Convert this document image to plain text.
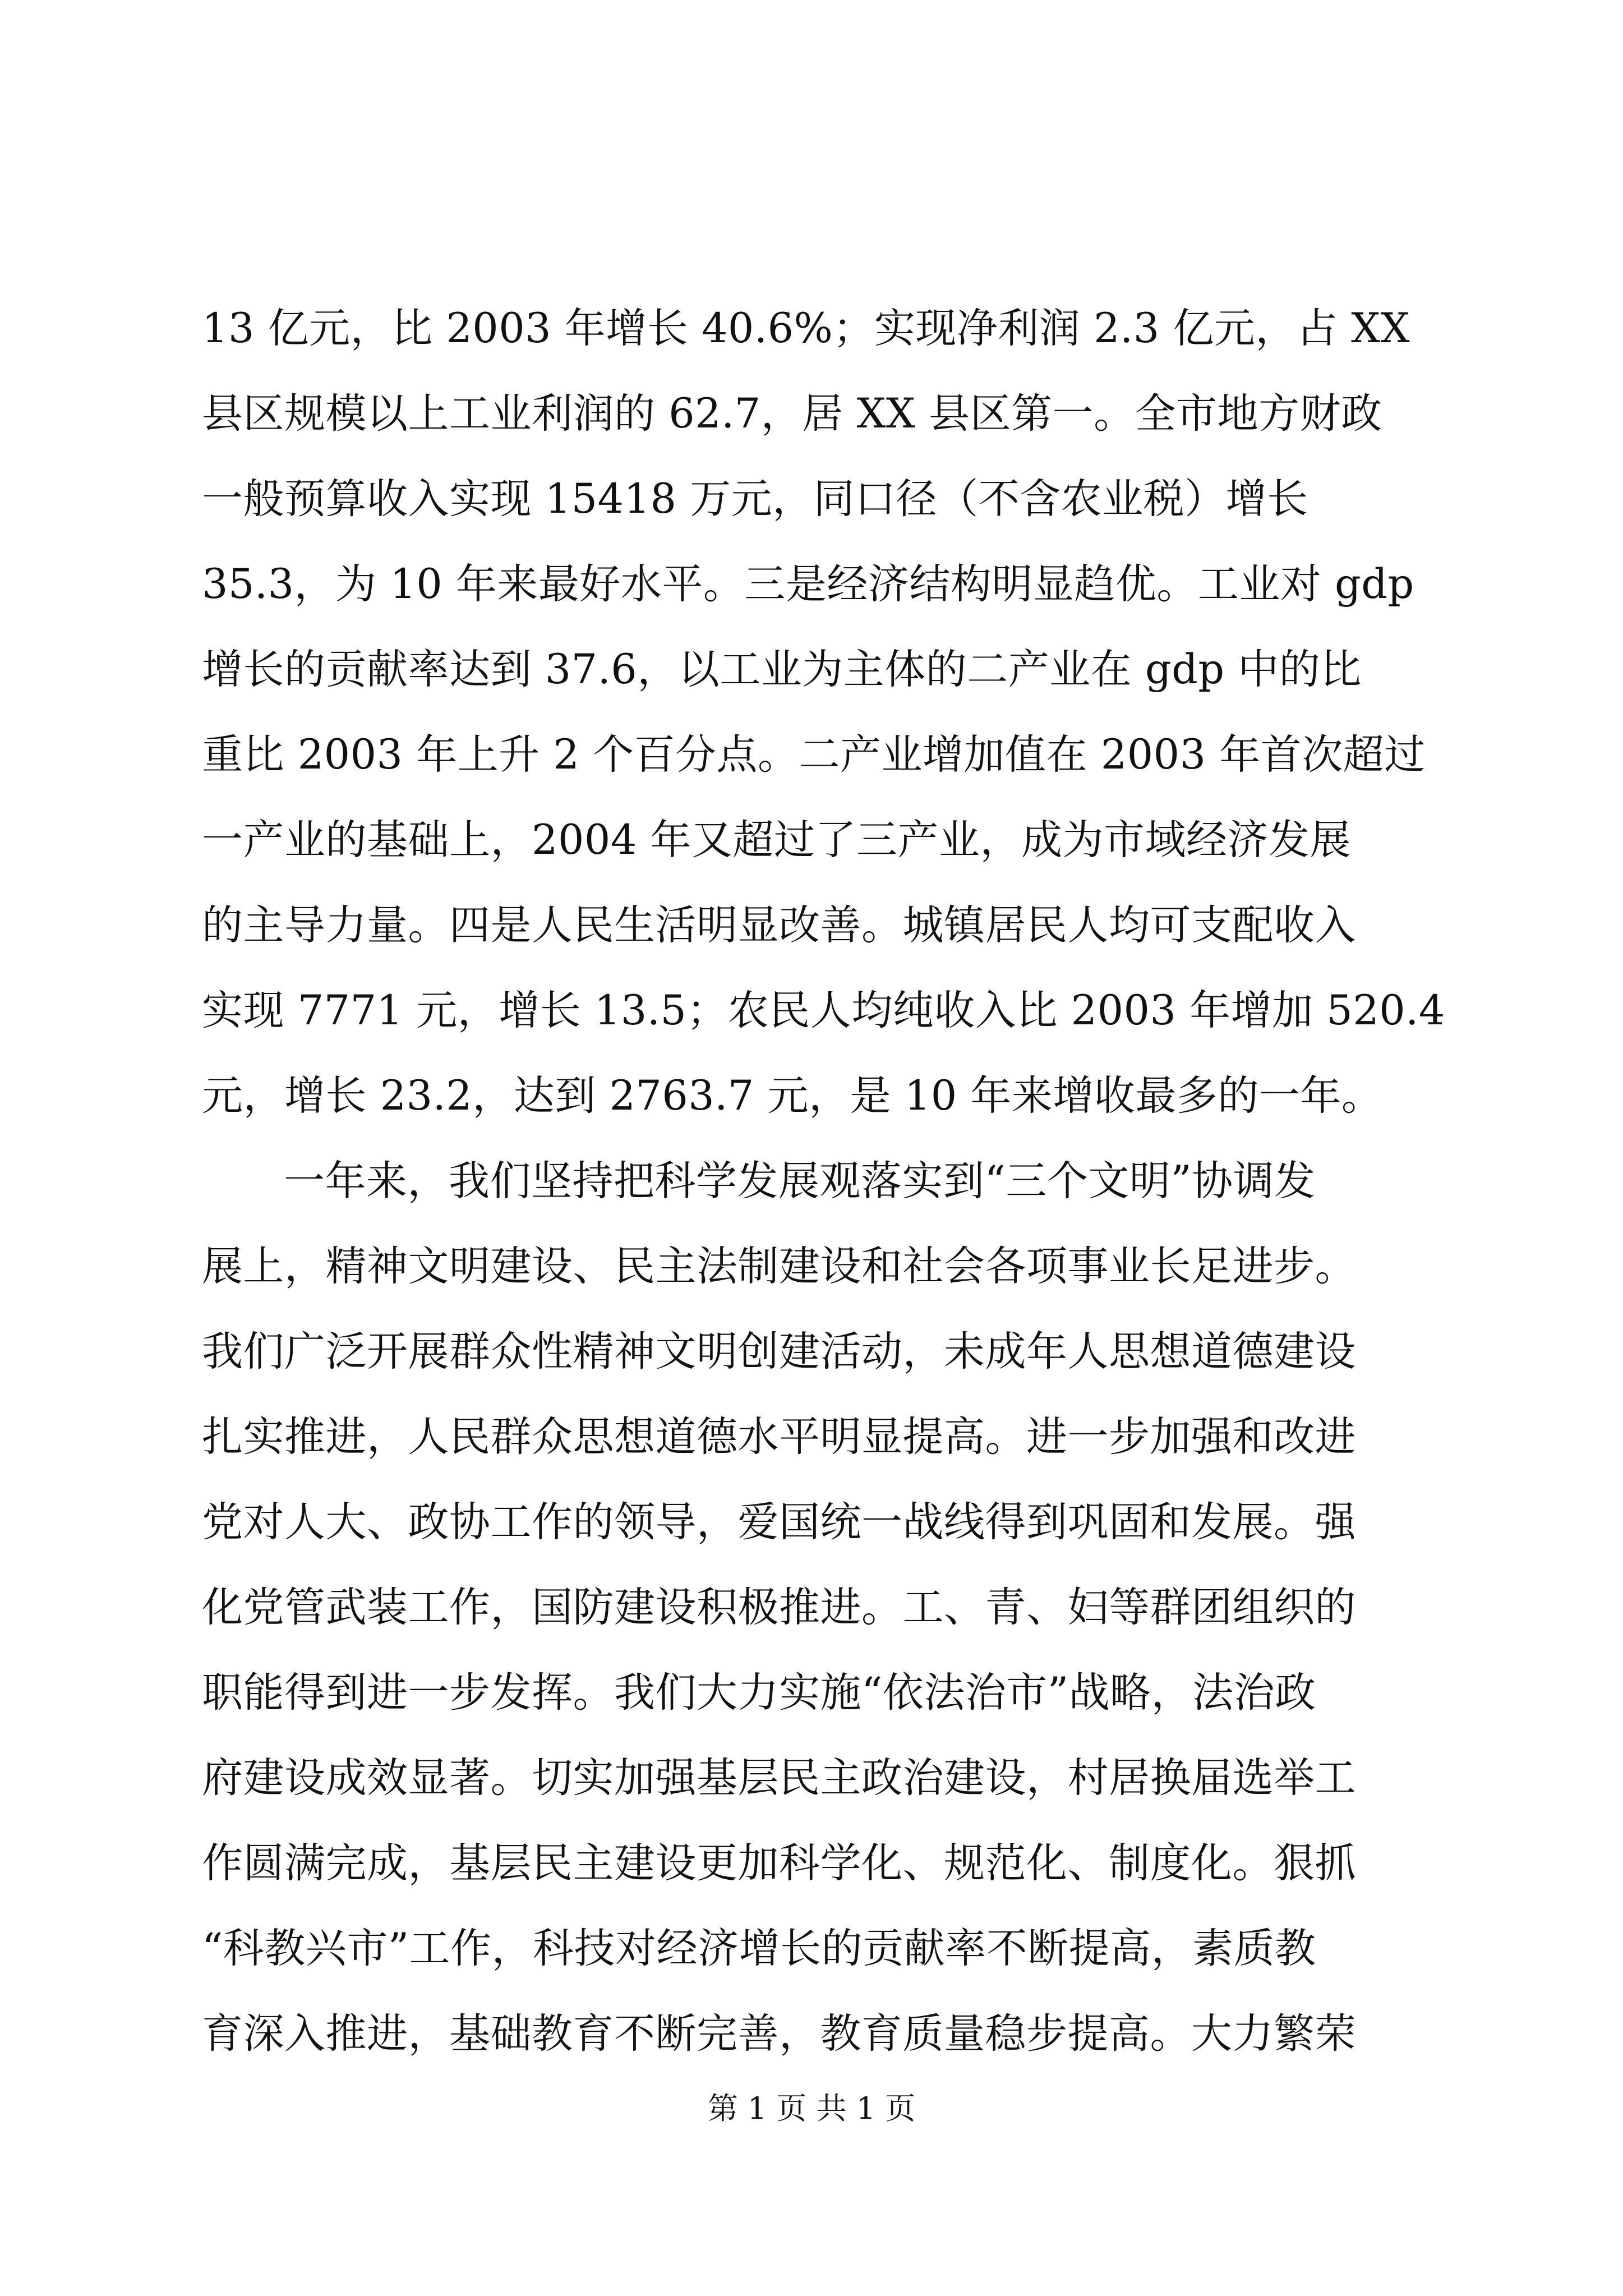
13 亿元，比 2003 年增长 40.6%；实现净利润 2.3 亿元，占 XX
县区规模以上工业利润的 62.7，居 XX 县区第一。全市地方财政
一般预算收入实现 15418 万元，同口径（不含农业税）增长
35.3，为 10 年来最好水平。三是经济结构明显趋优。工业对 gdp
增长的贡献率达到 37.6，以工业为主体的二产业在 gdp 中的比
重比 2003 年上升 2 个百分点。二产业增加值在 2003 年首次超过
一产业的基础上，2004 年又超过了三产业，成为市域经济发展
的主导力量。四是人民生活明显改善。城镇居民人均可支配收入
实现 7771 元，增长 13.5；农民人均纯收入比 2003 年增加 520.4
元，增长 23.2，达到 2763.7 元，是 10 年来增收最多的一年。
一年来，我们坚持把科学发展观落实到“三个文明”协调发
展上，精神文明建设、民主法制建设和社会各项事业长足进步。
我们广泛开展群众性精神文明创建活动，未成年人思想道德建设
扎实推进，人民群众思想道德水平明显提高。进一步加强和改进
党对人大、政协工作的领导，爱国统一战线得到巩固和发展。强
化党管武装工作，国防建设积极推进。工、青、妇等群团组织的
职能得到进一步发挥。我们大力实施“依法治市”战略，法治政
府建设成效显著。切实加强基层民主政治建设，村居换届选举工
作圆满完成，基层民主建设更加科学化、规范化、制度化。狠抓
“科教兴市”工作，科技对经济增长的贡献率不断提高，素质教
育深入推进，基础教育不断完善，教育质量稳步提高。大力繁荣
第 1 页 共 1 页
